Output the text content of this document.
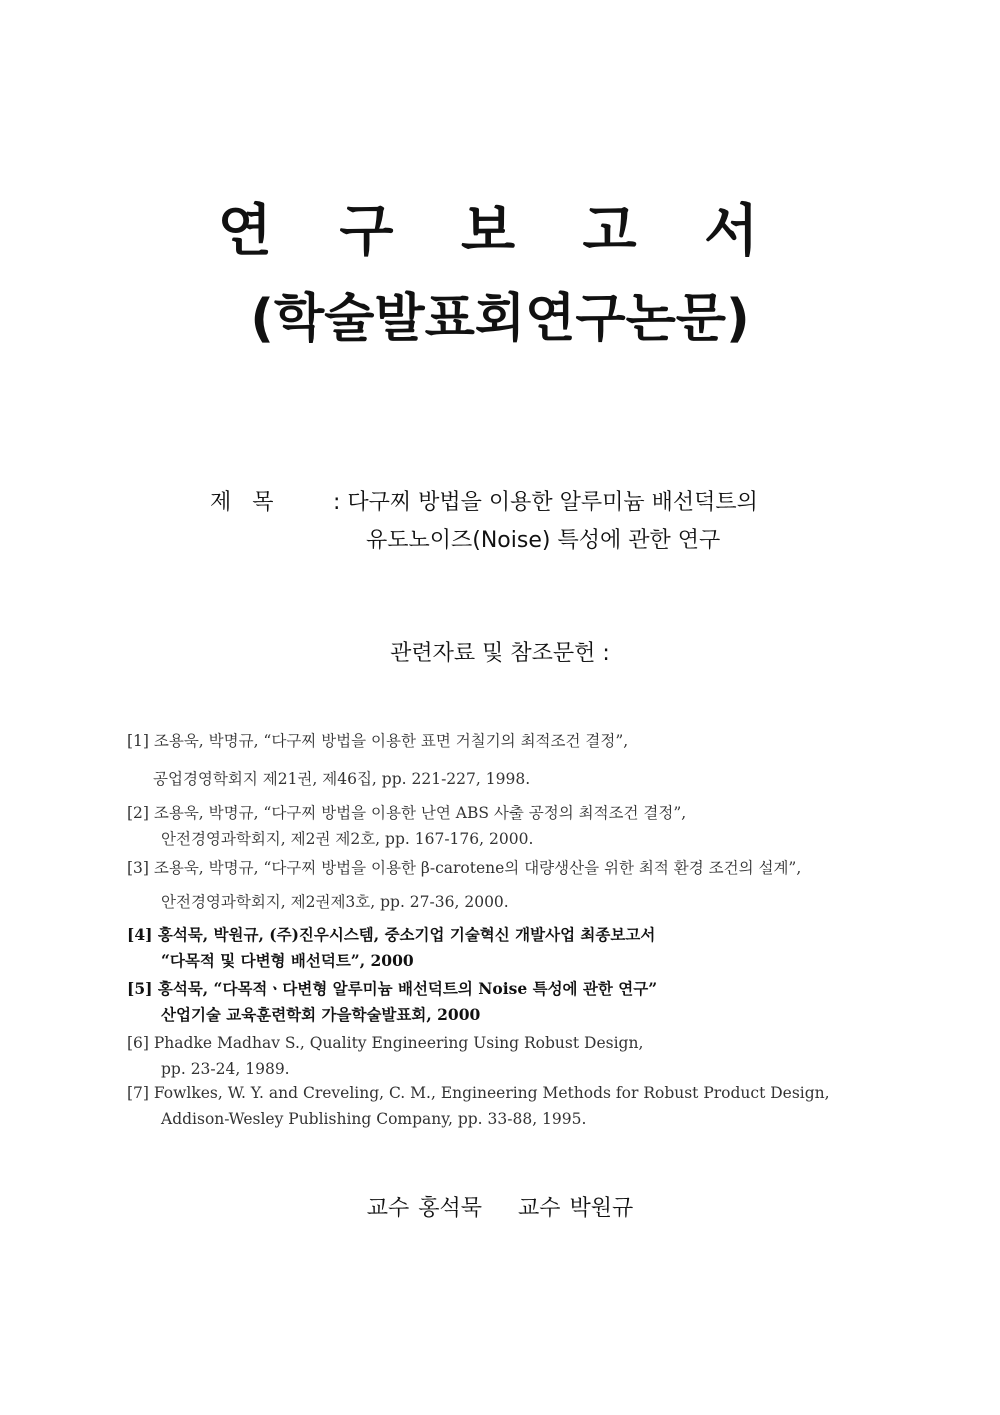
연 구 보 고 서
(학술발표회연구논문)
제   목	: 다구찌 방법을 이용한 알루미늄 배선덕트의
유도노이즈(Noise) 특성에 관한 연구
관련자료 및 참조문헌 :
[1] 조용욱, 박명규, “다구찌 방법을 이용한 표면 거칠기의 최적조건 결정”,
공업경영학회지 제21권, 제46집, pp. 221-227, 1998.
[2] 조용욱, 박명규, “다구찌 방법을 이용한 난연 ABS 사출 공정의 최적조건 결정”,
안전경영과학회지, 제2권 제2호, pp. 167-176, 2000.
[3] 조용욱, 박명규, “다구찌 방법을 이용한 β-carotene의 대량생산을 위한 최적 환경 조건의 설계”,
안전경영과학회지, 제2권제3호, pp. 27-36, 2000.
[4] 홍석묵, 박원규, (주)진우시스템, 중소기업 기술혁신 개발사업 최종보고서
“다목적 및 다변형 배선덕트”, 2000
[5] 홍석묵, “다목적ㆍ다변형 알루미늄 배선덕트의 Noise 특성에 관한 연구”
산업기술 교육훈련학회 가을학술발표회, 2000
[6] Phadke Madhav S., Quality Engineering Using Robust Design,
pp. 23-24, 1989.
[7] Fowlkes, W. Y. and Creveling, C. M., Engineering Methods for Robust Product Design,
Addison-Wesley Publishing Company, pp. 33-88, 1995.
교수 홍석묵    교수 박원규
